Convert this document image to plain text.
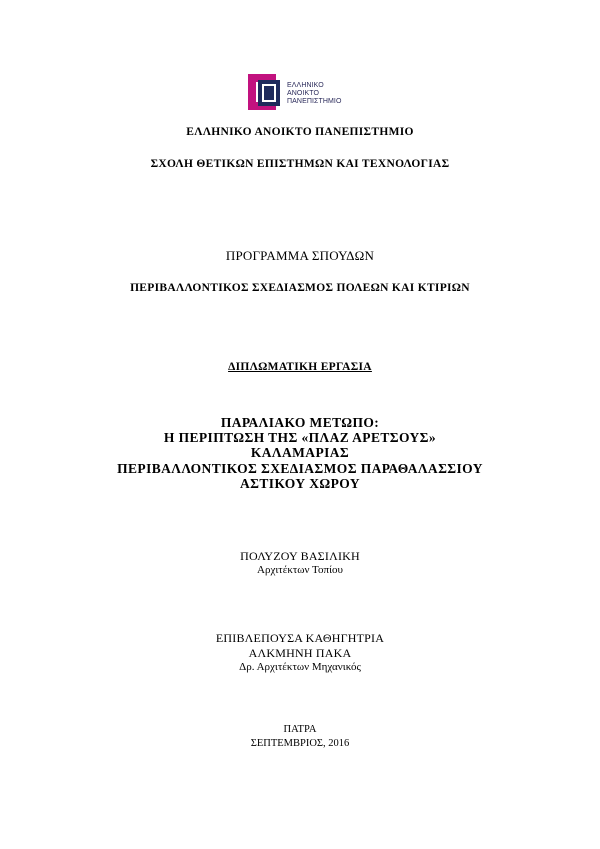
ΕΛΛΗΝΙΚΟ
ΑΝΟΙΚΤΟ
ΠΑΝΕΠΙΣΤΗΜΙΟ
ΕΛΛΗΝΙΚΟ ΑΝΟΙΚΤΟ ΠΑΝΕΠΙΣΤΗΜΙΟ
ΣΧΟΛΗ ΘΕΤΙΚΩΝ ΕΠΙΣΤΗΜΩΝ ΚΑΙ ΤΕΧΝΟΛΟΓΙΑΣ
ΠΡΟΓΡΑΜΜΑ ΣΠΟΥΔΩΝ
ΠΕΡΙΒΑΛΛΟΝΤΙΚΟΣ ΣΧΕΔΙΑΣΜΟΣ ΠΟΛΕΩΝ ΚΑΙ ΚΤΙΡΙΩΝ
ΔΙΠΛΩΜΑΤΙΚΗ ΕΡΓΑΣΙΑ
ΠΑΡΑΛΙΑΚΟ ΜΕΤΩΠΟ:
Η ΠΕΡΙΠΤΩΣΗ ΤΗΣ «ΠΛΑΖ ΑΡΕΤΣΟΥΣ»
ΚΑΛΑΜΑΡΙΑΣ
ΠΕΡΙΒΑΛΛΟΝΤΙΚΟΣ ΣΧΕΔΙΑΣΜΟΣ ΠΑΡΑΘΑΛΑΣΣΙΟΥ
ΑΣΤΙΚΟΥ ΧΩΡΟΥ
ΠΟΛΥΖΟΥ ΒΑΣΙΛΙΚΗ
Αρχιτέκτων Τοπίου
ΕΠΙΒΛΕΠΟΥΣΑ ΚΑΘΗΓΗΤΡΙΑ
ΑΛΚΜΗΝΗ ΠΑΚΑ
Δρ. Αρχιτέκτων Μηχανικός
ΠΑΤΡΑ
ΣΕΠΤΕΜΒΡΙΟΣ, 2016
